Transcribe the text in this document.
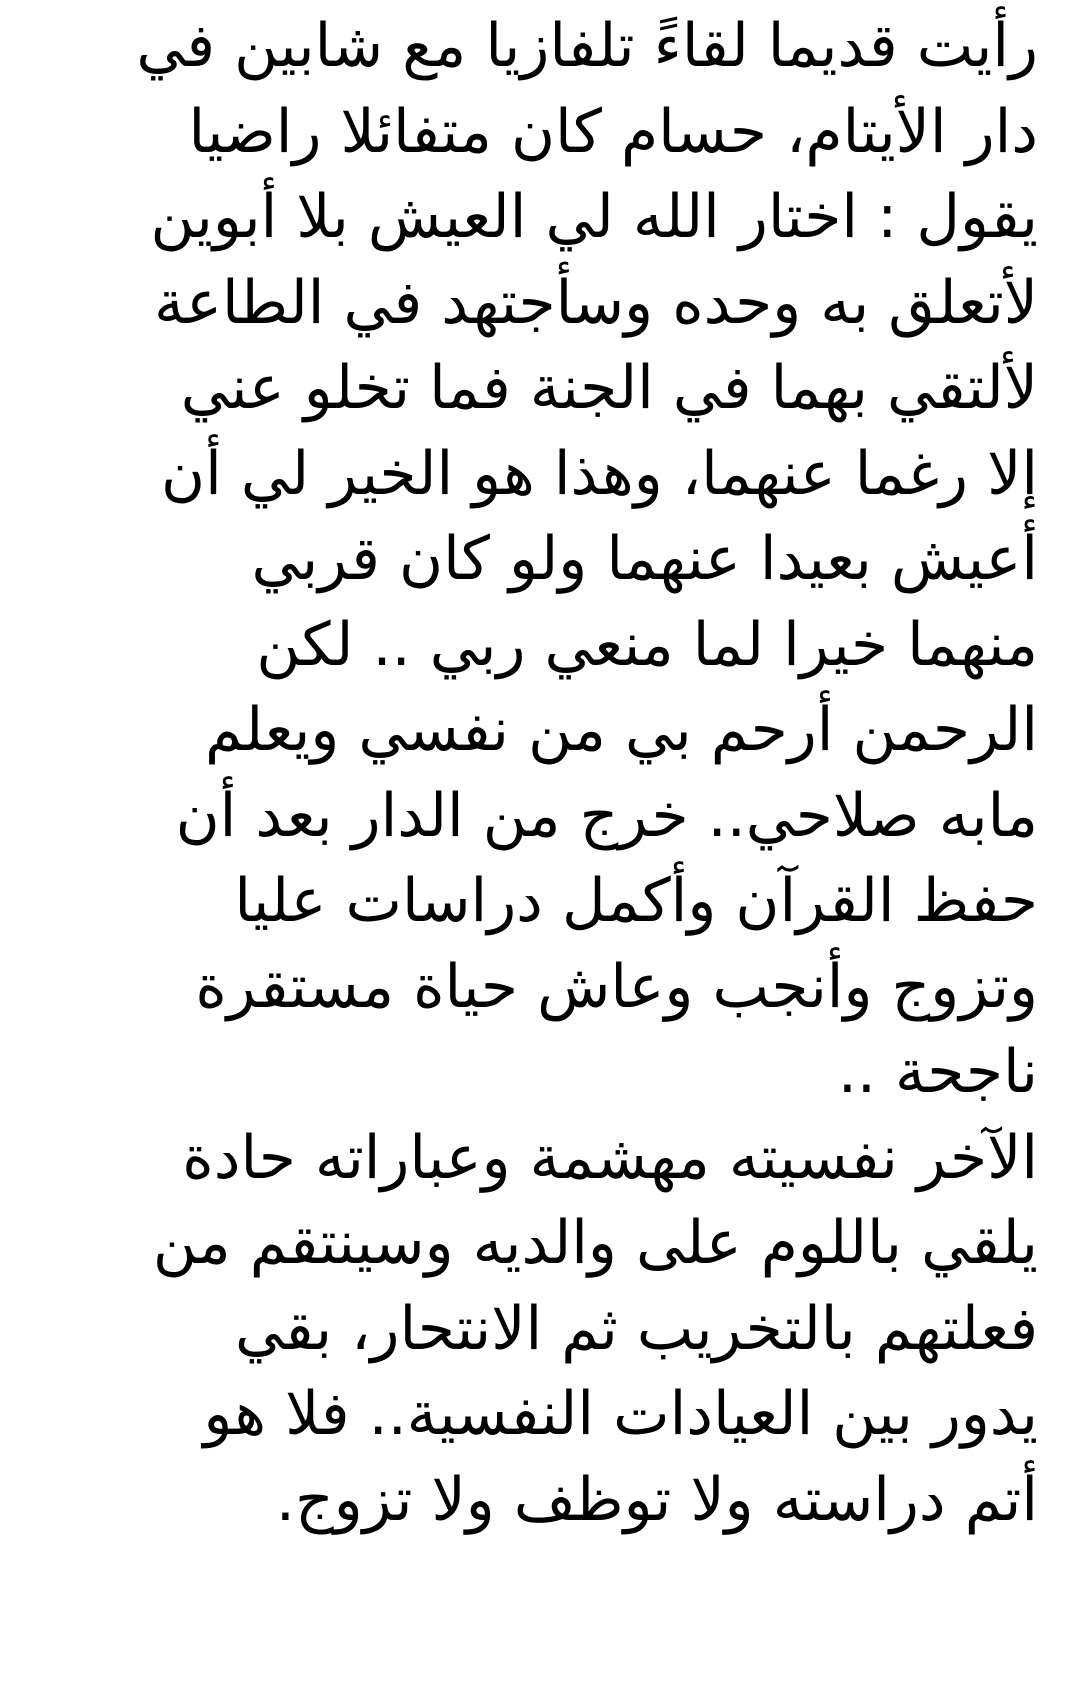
رأيت قديما لقاءً تلفازيا مع شابين في
دار الأيتام، حسام كان متفائلا راضيا
يقول : اختار الله لي العيش بلا أبوين
لأتعلق به وحده وسأجتهد في الطاعة
لألتقي بهما في الجنة فما تخلو عني
إلا رغما عنهما، وهذا هو الخير لي أن
أعيش بعيدا عنهما ولو كان قربي
منهما خيرا لما منعي ربي .. لكن
الرحمن أرحم بي من نفسي ويعلم
مابه صلاحي.. خرج من الدار بعد أن
حفظ القرآن وأكمل دراسات عليا
وتزوج وأنجب وعاش حياة مستقرة
ناجحة ..
الآخر نفسيته مهشمة وعباراته حادة
يلقي باللوم على والديه وسينتقم من
فعلتهم بالتخريب ثم الانتحار، بقي
يدور بين العيادات النفسية.. فلا هو
أتم دراسته ولا توظف ولا تزوج.
